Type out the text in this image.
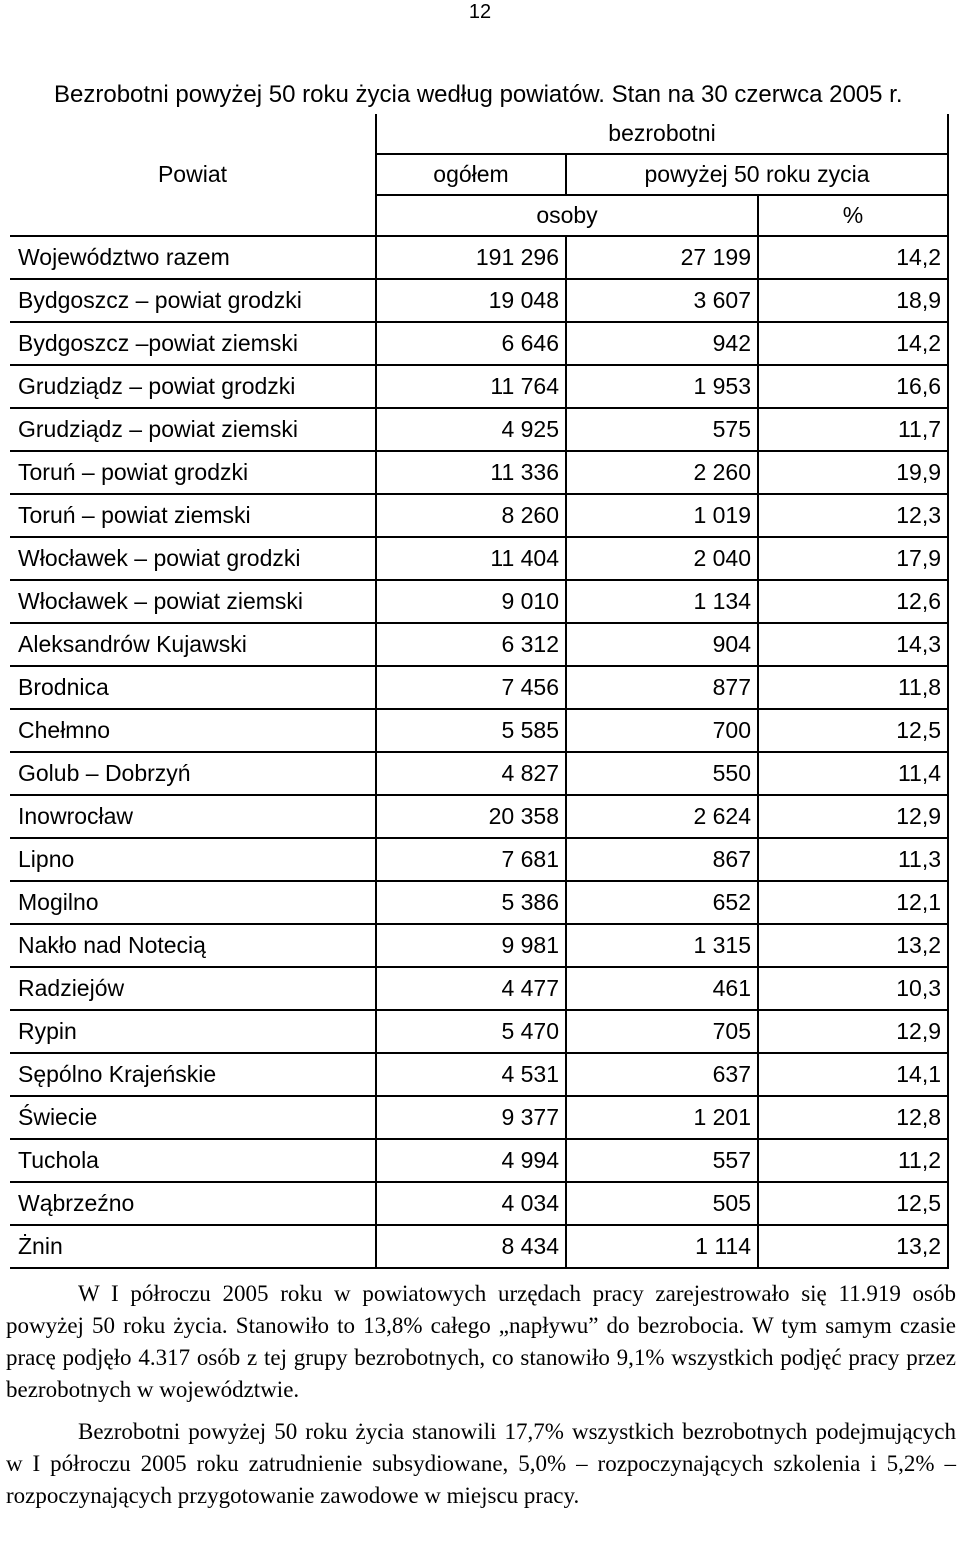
12
Bezrobotni powyżej 50 roku życia według powiatów. Stan na 30 czerwca 2005 r.
Powiat	bezrobotni		
	ogółem	powyżej 50 roku zycia	
	osoby		%
Województwo razem	191 296	27 199	14,2
Bydgoszcz – powiat grodzki	19 048	3 607	18,9
Bydgoszcz –powiat ziemski	6 646	942	14,2
Grudziądz – powiat grodzki	11 764	1 953	16,6
Grudziądz – powiat ziemski	4 925	575	11,7
Toruń – powiat grodzki	11 336	2 260	19,9
Toruń – powiat ziemski	8 260	1 019	12,3
Włocławek – powiat grodzki	11 404	2 040	17,9
Włocławek – powiat ziemski	9 010	1 134	12,6
Aleksandrów Kujawski	6 312	904	14,3
Brodnica	7 456	877	11,8
Chełmno	5 585	700	12,5
Golub – Dobrzyń	4 827	550	11,4
Inowrocław	20 358	2 624	12,9
Lipno	7 681	867	11,3
Mogilno	5 386	652	12,1
Nakło nad Notecią	9 981	1 315	13,2
Radziejów	4 477	461	10,3
Rypin	5 470	705	12,9
Sępólno Krajeńskie	4 531	637	14,1
Świecie	9 377	1 201	12,8
Tuchola	4 994	557	11,2
Wąbrzeźno	4 034	505	12,5
Żnin	8 434	1 114	13,2

W I półroczu 2005 roku w powiatowych urzędach pracy zarejestrowało się 11.919 osób powyżej 50 roku życia. Stanowiło to 13,8% całego „napływu” do bezrobocia. W tym samym czasie pracę podjęło 4.317 osób z tej grupy bezrobotnych, co stanowiło 9,1% wszystkich podjęć pracy przez bezrobotnych w województwie.

Bezrobotni powyżej 50 roku życia stanowili 17,7% wszystkich bezrobotnych podejmujących w I półroczu 2005 roku zatrudnienie subsydiowane, 5,0% – rozpoczynających szkolenia i 5,2% – rozpoczynających przygotowanie zawodowe w miejscu pracy.
